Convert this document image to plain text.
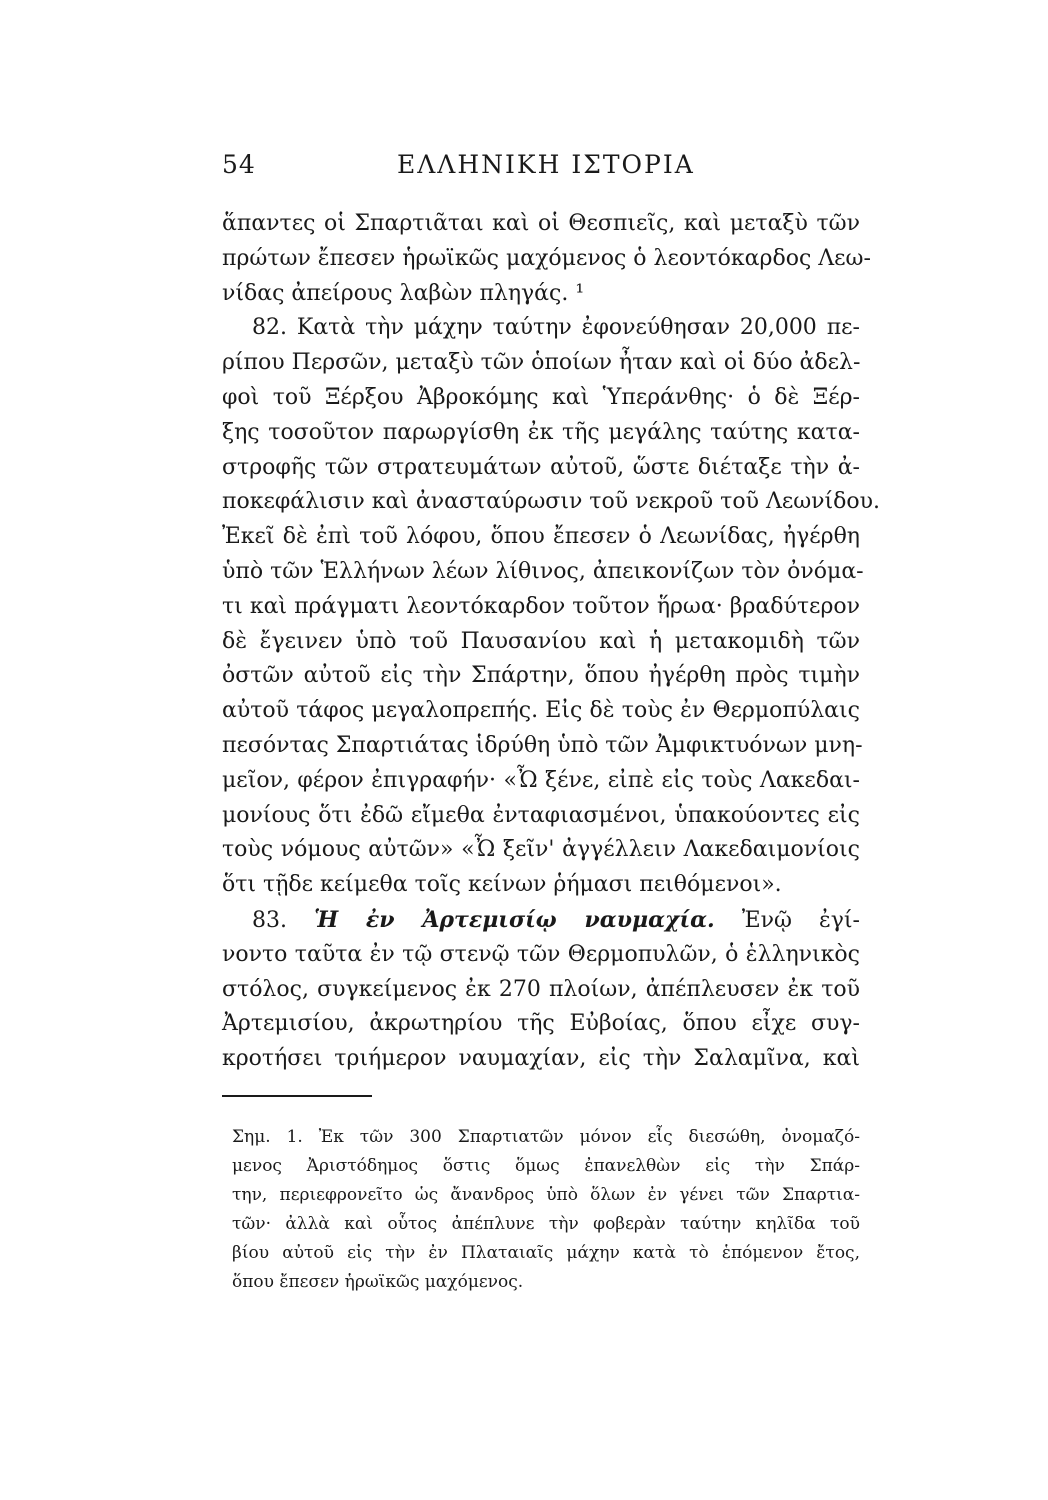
54	ΕΛΛΗΝΙΚΗ ΙΣΤΟΡΙΑ
ἅπαντες οἱ Σπαρτιᾶται καὶ οἱ Θεσπιεῖς, καὶ μεταξὺ τῶν
πρώτων ἔπεσεν ἡρωϊκῶς μαχόμενος ὁ λεοντόκαρδος Λεω-
νίδας ἀπείρους λαβὼν πληγάς. ¹
82. Κατὰ τὴν μάχην ταύτην ἐφονεύθησαν 20,000 πε-
ρίπου Περσῶν, μεταξὺ τῶν ὁποίων ἦταν καὶ οἱ δύο ἀδελ-
φοὶ τοῦ Ξέρξου Ἀβροκόμης καὶ Ὑπεράνθης· ὁ δὲ Ξέρ-
ξης τοσοῦτον παρωργίσθη ἐκ τῆς μεγάλης ταύτης κατα-
στροφῆς τῶν στρατευμάτων αὐτοῦ, ὥστε διέταξε τὴν ἀ-
ποκεφάλισιν καὶ ἀνασταύρωσιν τοῦ νεκροῦ τοῦ Λεωνίδου.
Ἐκεῖ δὲ ἐπὶ τοῦ λόφου, ὅπου ἔπεσεν ὁ Λεωνίδας, ἠγέρθη
ὑπὸ τῶν Ἑλλήνων λέων λίθινος, ἀπεικονίζων τὸν ὀνόμα-
τι καὶ πράγματι λεοντόκαρδον τοῦτον ἥρωα· βραδύτερον
δὲ ἔγεινεν ὑπὸ τοῦ Παυσανίου καὶ ἡ μετακομιδὴ τῶν
ὀστῶν αὐτοῦ εἰς τὴν Σπάρτην, ὅπου ἠγέρθη πρὸς τιμὴν
αὐτοῦ τάφος μεγαλοπρεπής. Εἰς δὲ τοὺς ἐν Θερμοπύλαις
πεσόντας Σπαρτιάτας ἱδρύθη ὑπὸ τῶν Ἀμφικτυόνων μνη-
μεῖον, φέρον ἐπιγραφήν· «Ὦ ξένε, εἰπὲ εἰς τοὺς Λακεδαι-
μονίους ὅτι ἐδῶ εἴμεθα ἐνταφιασμένοι, ὑπακούοντες εἰς
τοὺς νόμους αὐτῶν» «Ὦ ξεῖν' ἀγγέλλειν Λακεδαιμονίοις
ὅτι τῇδε κείμεθα τοῖς κείνων ῥήμασι πειθόμενοι».
83. Ἡ ἐν Ἀρτεμισίῳ ναυμαχία. Ἐνῷ ἐγί-
νοντο ταῦτα ἐν τῷ στενῷ τῶν Θερμοπυλῶν, ὁ ἑλληνικὸς
στόλος, συγκείμενος ἐκ 270 πλοίων, ἀπέπλευσεν ἐκ τοῦ
Ἀρτεμισίου, ἀκρωτηρίου τῆς Εὐβοίας, ὅπου εἶχε συγ-
κροτήσει τριήμερον ναυμαχίαν, εἰς τὴν Σαλαμῖνα, καὶ
Σημ. 1. Ἐκ τῶν 300 Σπαρτιατῶν μόνον εἷς διεσώθη, ὀνομαζό-
μενος Ἀριστόδημος ὅστις ὅμως ἐπανελθὼν εἰς τὴν Σπάρ-
την, περιεφρονεῖτο ὡς ἄνανδρος ὑπὸ ὅλων ἐν γένει τῶν Σπαρτια-
τῶν· ἀλλὰ καὶ οὗτος ἀπέπλυνε τὴν φοβερὰν ταύτην κηλῖδα τοῦ
βίου αὐτοῦ εἰς τὴν ἐν Πλαταιαῖς μάχην κατὰ τὸ ἑπόμενον ἔτος,
ὅπου ἔπεσεν ἡρωϊκῶς μαχόμενος.
